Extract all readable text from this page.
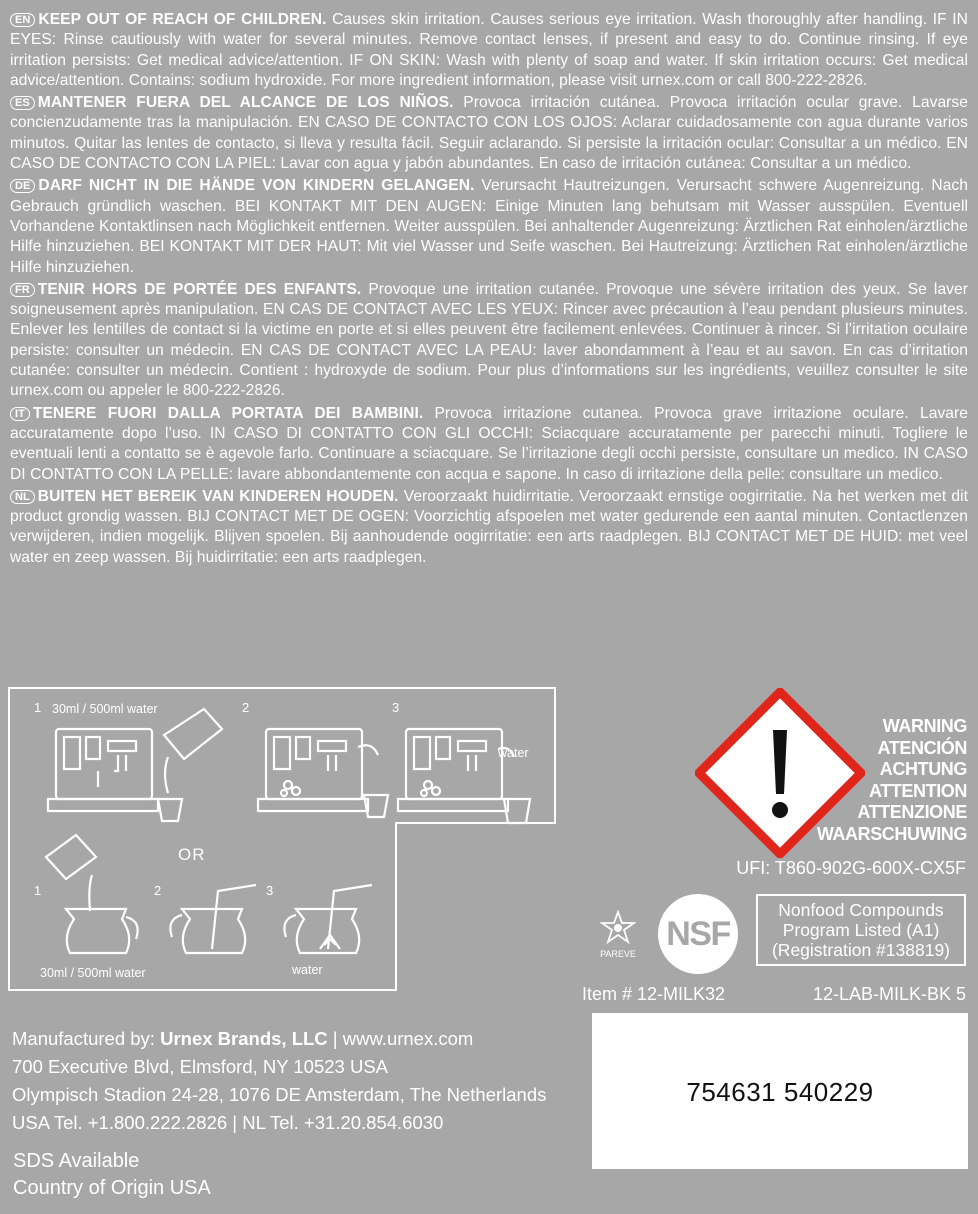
EN KEEP OUT OF REACH OF CHILDREN. Causes skin irritation. Causes serious eye irritation. Wash thoroughly after handling. IF IN EYES: Rinse cautiously with water for several minutes. Remove contact lenses, if present and easy to do. Continue rinsing. If eye irritation persists: Get medical advice/attention. IF ON SKIN: Wash with plenty of soap and water. If skin irritation occurs: Get medical advice/attention. Contains: sodium hydroxide. For more ingredient information, please visit urnex.com or call 800-222-2826.
ES MANTENER FUERA DEL ALCANCE DE LOS NIÑOS. Provoca irritación cutánea. Provoca irritación ocular grave. Lavarse concienzudamente tras la manipulación. EN CASO DE CONTACTO CON LOS OJOS: Aclarar cuidadosamente con agua durante varios minutos. Quitar las lentes de contacto, si lleva y resulta fácil. Seguir aclarando. Si persiste la irritación ocular: Consultar a un médico. EN CASO DE CONTACTO CON LA PIEL: Lavar con agua y jabón abundantes. En caso de irritación cutánea: Consultar a un médico.
DE DARF NICHT IN DIE HÄNDE VON KINDERN GELANGEN. Verursacht Hautreizungen. Verursacht schwere Augenreizung. Nach Gebrauch gründlich waschen. BEI KONTAKT MIT DEN AUGEN: Einige Minuten lang behutsam mit Wasser ausspülen. Eventuell Vorhandene Kontaktlinsen nach Möglichkeit entfernen. Weiter ausspülen. Bei anhaltender Augenreizung: Ärztlichen Rat einholen/ärztliche Hilfe hinzuziehen. BEI KONTAKT MIT DER HAUT: Mit viel Wasser und Seife waschen. Bei Hautreizung: Ärztlichen Rat einholen/ärztliche Hilfe hinzuziehen.
FR TENIR HORS DE PORTÉE DES ENFANTS. Provoque une irritation cutanée. Provoque une sévère irritation des yeux. Se laver soigneusement après manipulation. EN CAS DE CONTACT AVEC LES YEUX: Rincer avec précaution à l’eau pendant plusieurs minutes. Enlever les lentilles de contact si la victime en porte et si elles peuvent être facilement enlevées. Continuer à rincer. Si l’irritation oculaire persiste: consulter un médecin. EN CAS DE CONTACT AVEC LA PEAU: laver abondamment à l’eau et au savon. En cas d’irritation cutanée: consulter un médecin. Contient : hydroxyde de sodium. Pour plus d’informations sur les ingrédients, veuillez consulter le site urnex.com ou appeler le 800-222-2826.
IT TENERE FUORI DALLA PORTATA DEI BAMBINI. Provoca irritazione cutanea. Provoca grave irritazione oculare. Lavare accuratamente dopo l’uso. IN CASO DI CONTATTO CON GLI OCCHI: Sciacquare accuratamente per parecchi minuti. Togliere le eventuali lenti a contatto se è agevole farlo. Continuare a sciacquare. Se l’irritazione degli occhi persiste, consultare un medico. IN CASO DI CONTATTO CON LA PELLE: lavare abbondantemente con acqua e sapone. In caso di irritazione della pelle: consultare un medico.
NL BUITEN HET BEREIK VAN KINDEREN HOUDEN. Veroorzaakt huidirritatie. Veroorzaakt ernstige oogirritatie. Na het werken met dit product grondig wassen. BIJ CONTACT MET DE OGEN: Voorzichtig afspoelen met water gedurende een aantal minuten. Contactlenzen verwijderen, indien mogelijk. Blijven spoelen. Bij aanhoudende oogirritatie: een arts raadplegen. BIJ CONTACT MET DE HUID: met veel water en zeep wassen. Bij huidirritatie: een arts raadplegen.
1 30ml / 500ml water	2	3
water
OR
1	2	3
30ml / 500ml water	water
WARNING
ATENCIÓN
ACHTUNG
ATTENTION
ATTENZIONE
WAARSCHUWING
UFI: T860-902G-600X-CX5F
PAREVE
NSF
Nonfood Compounds
Program Listed (A1)
(Registration #138819)
Item # 12-MILK32	12-LAB-MILK-BK 5
754631 540229
Manufactured by: Urnex Brands, LLC | www.urnex.com
700 Executive Blvd, Elmsford, NY 10523 USA
Olympisch Stadion 24-28, 1076 DE Amsterdam, The Netherlands
USA Tel. +1.800.222.2826 | NL Tel. +31.20.854.6030
SDS Available
Country of Origin USA
